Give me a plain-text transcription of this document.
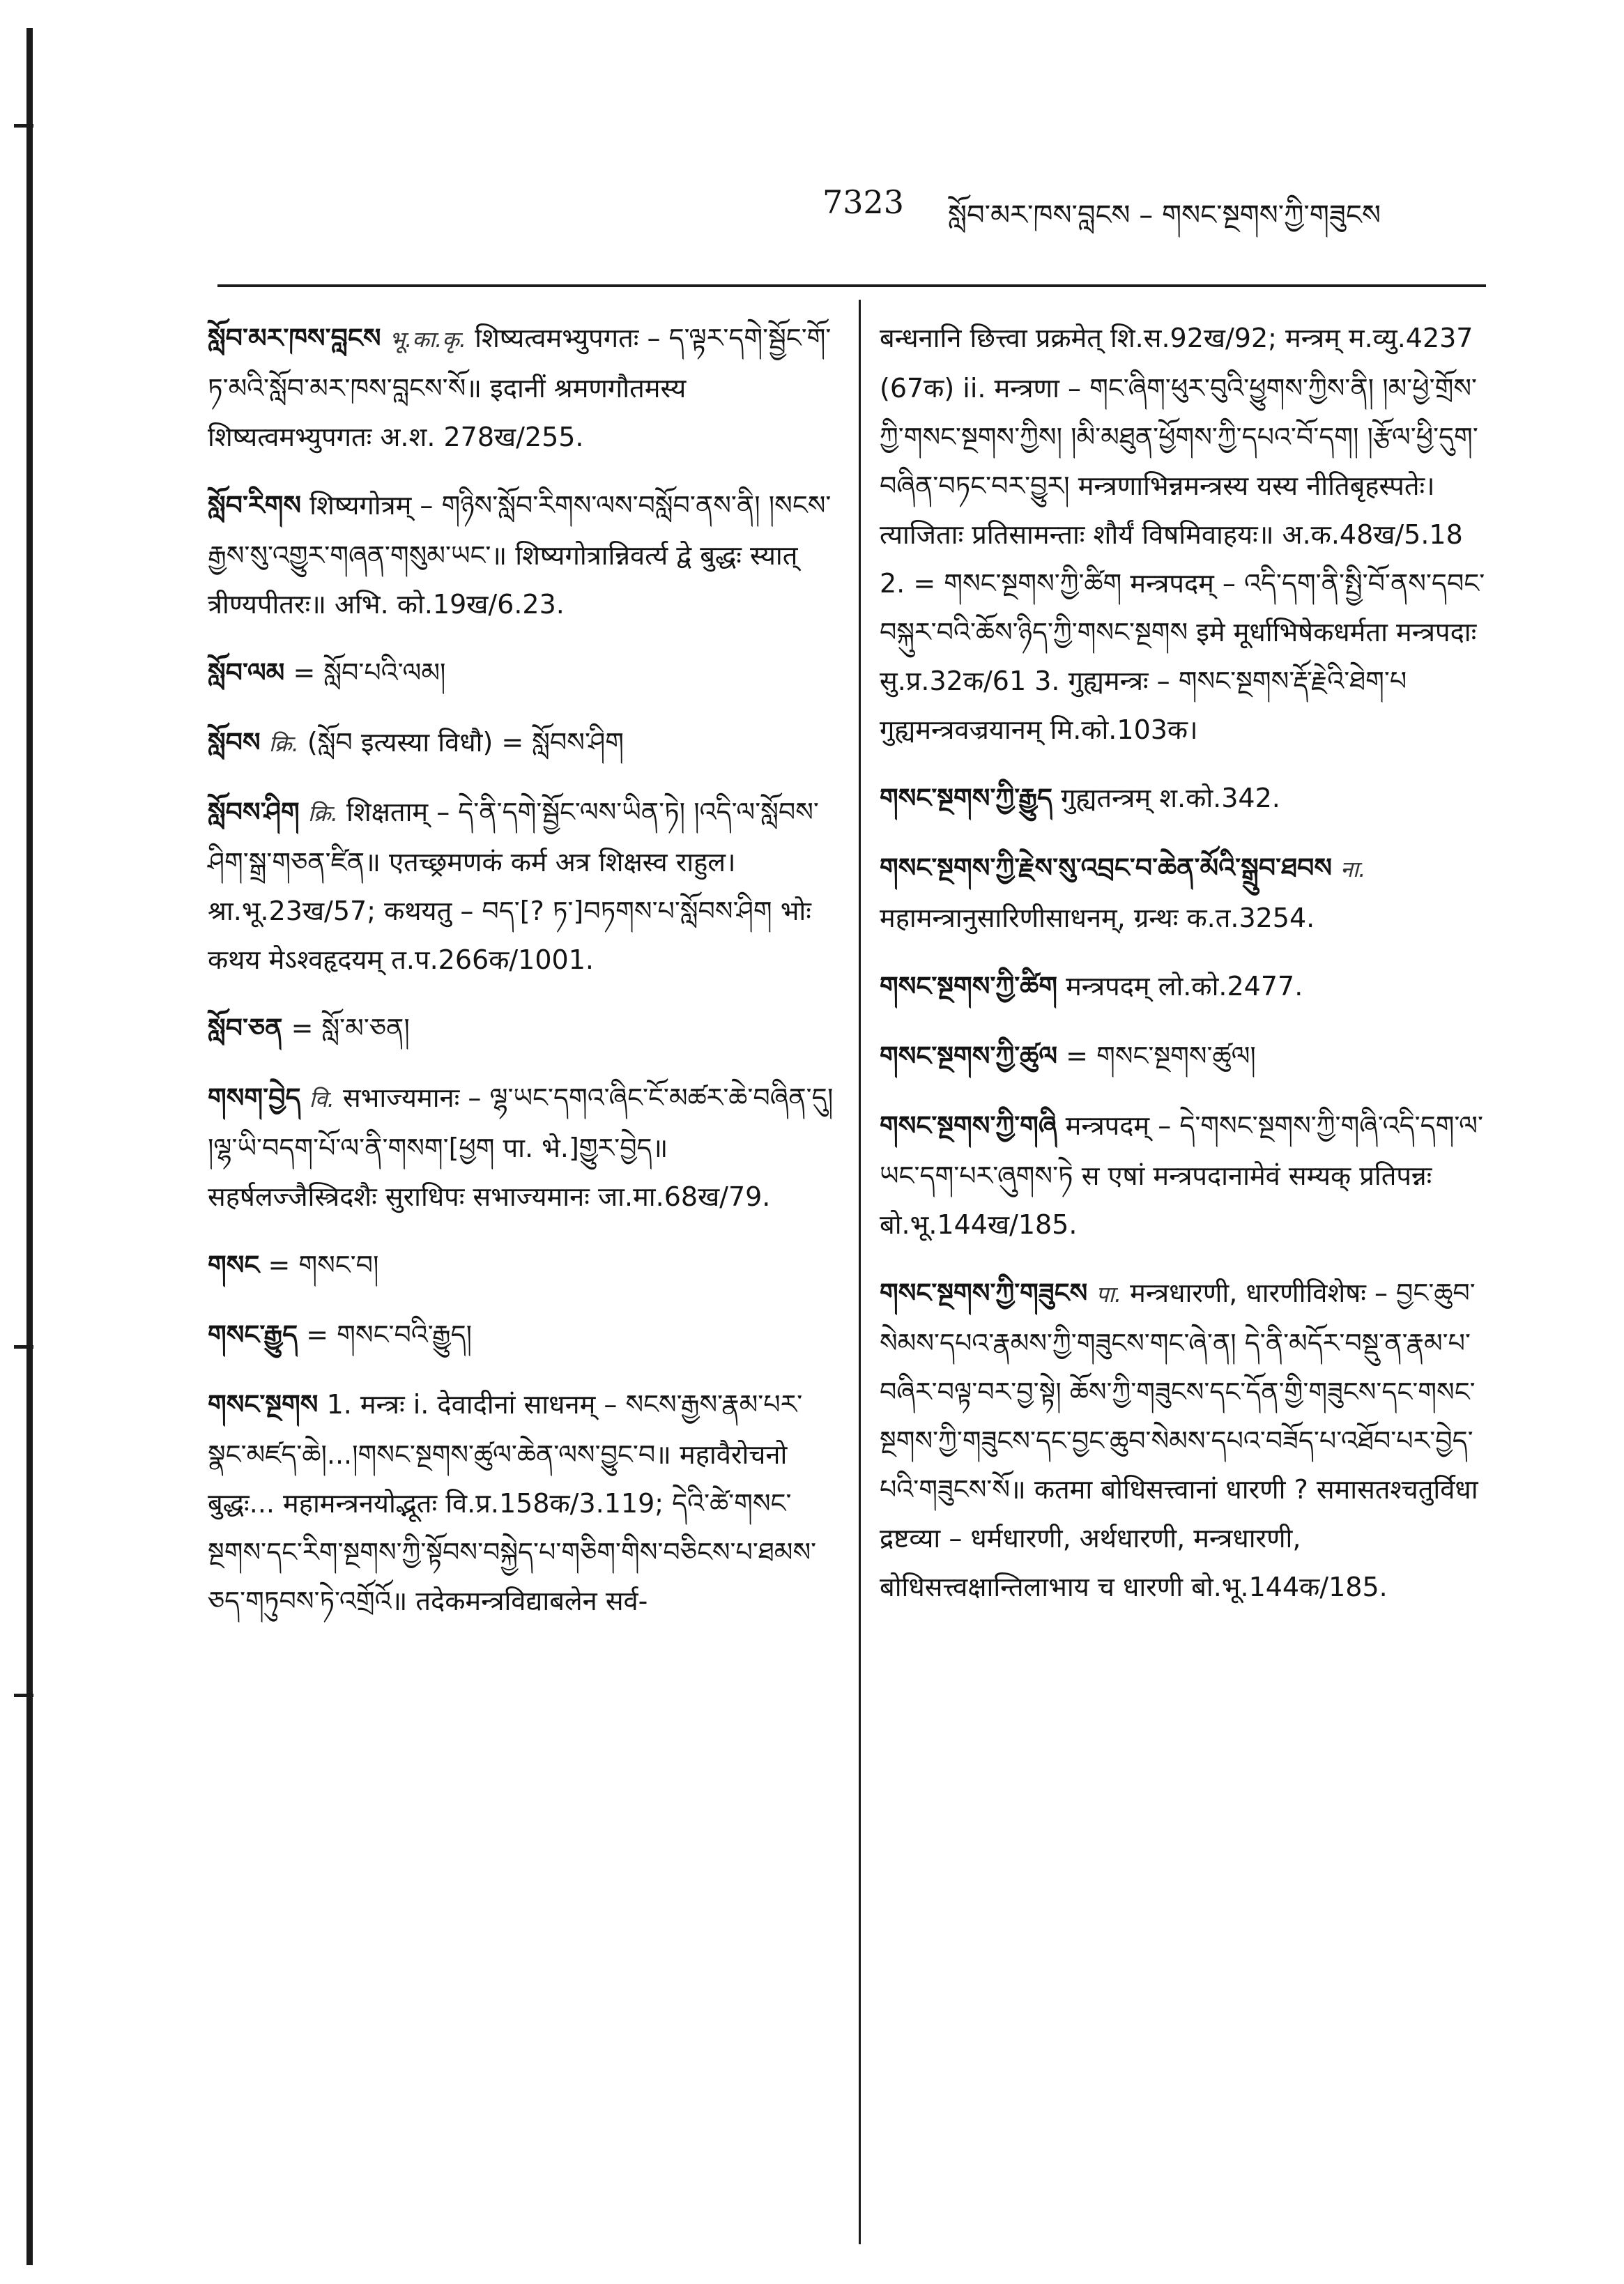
7323 སློབ་མར་ཁས་བླངས – གསང་སྔགས་ཀྱི་གཟུངས
སློབ་མར་ཁས་བླངས भू.का.कृ. शिष्यत्वमभ्युपगतः – ད་ལྟར་དགེ་སྦྱོང་གོ་ཏ་མའི་སློབ་མར་ཁས་བླངས་སོ॥ इदानीं श्रमणगौतमस्य शिष्यत्वमभ्युपगतः अ.श. 278ख/255.
སློབ་རིགས शिष्यगोत्रम् – གཉིས་སློབ་རིགས་ལས་བསློབ་ནས་ནི། །སངས་རྒྱས་སུ་འགྱུར་གཞན་གསུམ་ཡང་॥ शिष्यगोत्रान्निवर्त्य द्वे बुद्धः स्यात् त्रीण्यपीतरः॥ अभि. को.19ख/6.23.
སློབ་ལམ = སློབ་པའི་ལམ།
སློབས क्रि. (སློབ इत्यस्या विधौ) = སློབས་ཤིག
སློབས་ཤིག क्रि. शिक्षताम् – དེ་ནི་དགེ་སྦྱོང་ལས་ཡིན་ཏེ། །འདི་ལ་སློབས་ཤིག་སྒྲ་གཅན་ཛིན॥ एतच्छ्रमणकं कर्म अत्र शिक्षस्व राहुल। श्रा.भू.23ख/57; कथयतु – བད་[? ཏ་]བཏགས་པ་སློབས་ཤིག भोः कथय मेऽश्वहृदयम् त.प.266क/1001.
སློབ་ཅན = སློ་མ་ཅན།
གསག་བྱེད वि. सभाज्यमानः – ལྷ་ཡང་དགའ་ཞིང་ངོ་མཚར་ཆེ་བཞིན་དུ། །ལྷ་ཡི་བདག་པོ་ལ་ནི་གསག་[ཕྱག पा. भे.]གྱུར་བྱེད॥ सहर्षलज्जैस्त्रिदशैः सुराधिपः सभाज्यमानः जा.मा.68ख/79.
གསང = གསང་བ།
གསང་རྒྱུད = གསང་བའི་རྒྱུད།
གསང་སྔགས 1. मन्त्रः i. देवादीनां साधनम् – སངས་རྒྱས་རྣམ་པར་སྣང་མཛད་ཆེ།...།གསང་སྔགས་ཚུལ་ཆེན་ལས་བྱུང་བ॥ महावैरोचनो बुद्धः... महामन्त्रनयोद्भूतः वि.प्र.158क/3.119; དེའི་ཚེ་གསང་སྔགས་དང་རིག་སྔགས་ཀྱི་སྟོབས་བསྐྱེད་པ་གཅིག་གིས་བཅིངས་པ་ཐམས་ཅད་གཏུབས་ཏེ་འགྲོའོ॥ तदेकमन्त्रविद्याबलेन सर्व-
बन्धनानि छित्त्वा प्रक्रमेत् शि.स.92ख/92; मन्त्रम् म.व्यु.4237 (67क) ii. मन्त्रणा – གང་ཞིག་ཕུར་བུའི་ཕྱུགས་ཀྱིས་ནི། །མ་ཕྱེ་གྲོས་ཀྱི་གསང་སྔགས་ཀྱིས། །མི་མཐུན་ཕྱོགས་ཀྱི་དཔའ་བོ་དག། །རྩོལ་ཕྱི་དུག་བཞིན་བཏང་བར་བྱུར། मन्त्रणाभिन्नमन्त्रस्य यस्य नीतिबृहस्पतेः। त्याजिताः प्रतिसामन्ताः शौर्यं विषमिवाहयः॥ अ.क.48ख/5.18 2. = གསང་སྔགས་ཀྱི་ཚིག मन्त्रपदम् – འདི་དག་ནི་སྤྱི་བོ་ནས་དབང་བསྐུར་བའི་ཆོས་ཉིད་ཀྱི་གསང་སྔགས इमे मूर्धाभिषेकधर्मता मन्त्रपदाः सु.प्र.32क/61 3. गुह्यमन्त्रः – གསང་སྔགས་རྡོ་རྗེའི་ཐེག་པ गुह्यमन्त्रवज्रयानम् मि.को.103क।
གསང་སྔགས་ཀྱི་རྒྱུད गुह्यतन्त्रम् श.को.342.
གསང་སྔགས་ཀྱི་རྗེས་སུ་འབྲང་བ་ཆེན་མོའི་སྒྲུབ་ཐབས ना. महामन्त्रानुसारिणीसाधनम्, ग्रन्थः क.त.3254.
གསང་སྔགས་ཀྱི་ཚིག मन्त्रपदम् लो.को.2477.
གསང་སྔགས་ཀྱི་ཚུལ = གསང་སྔགས་ཚུལ།
གསང་སྔགས་ཀྱི་གཞི मन्त्रपदम् – དེ་གསང་སྔགས་ཀྱི་གཞི་འདི་དག་ལ་ཡང་དག་པར་ཞུགས་ཏེ स एषां मन्त्रपदानामेवं सम्यक् प्रतिपन्नः बो.भू.144ख/185.
གསང་སྔགས་ཀྱི་གཟུངས पा. मन्त्रधारणी, धारणीविशेषः – བྱང་ཆུབ་སེམས་དཔའ་རྣམས་ཀྱི་གཟུངས་གང་ཞེ་ན། དེ་ནི་མདོར་བསྡུ་ན་རྣམ་པ་བཞིར་བལྟ་བར་བྱ་སྟེ། ཆོས་ཀྱི་གཟུངས་དང་དོན་གྱི་གཟུངས་དང་གསང་སྔགས་ཀྱི་གཟུངས་དང་བྱང་ཆུབ་སེམས་དཔའ་བཟོད་པ་འཐོབ་པར་བྱེད་པའི་གཟུངས་སོ॥ कतमा बोधिसत्त्वानां धारणी ? समासतश्चतुर्विधा द्रष्टव्या – धर्मधारणी, अर्थधारणी, मन्त्रधारणी, बोधिसत्त्वक्षान्तिलाभाय च धारणी बो.भू.144क/185.
